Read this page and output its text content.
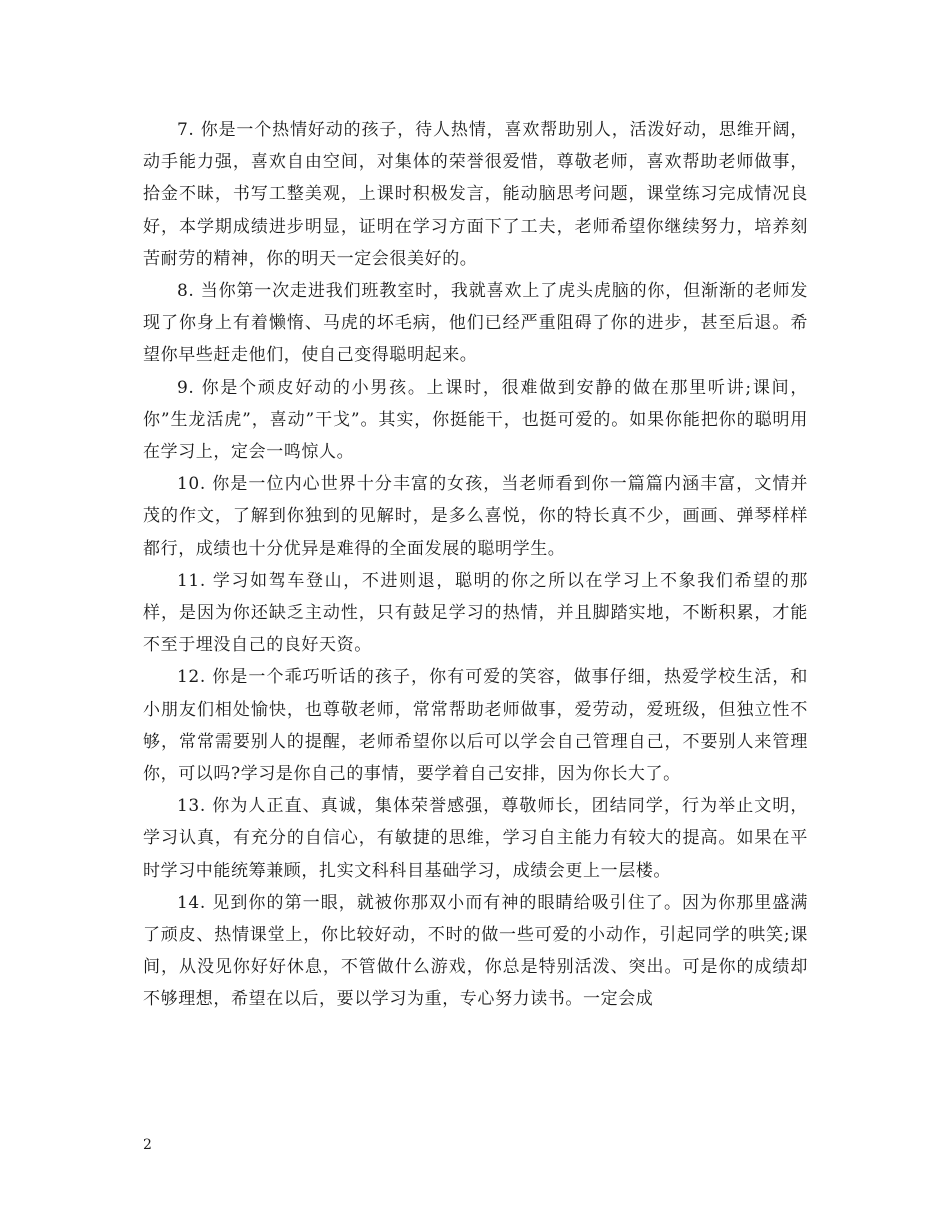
7. 你是一个热情好动的孩子，待人热情，喜欢帮助别人，活泼好动，思维开阔，动手能力强，喜欢自由空间，对集体的荣誉很爱惜，尊敬老师，喜欢帮助老师做事，拾金不昧，书写工整美观，上课时积极发言，能动脑思考问题，课堂练习完成情况良好，本学期成绩进步明显，证明在学习方面下了工夫，老师希望你继续努力，培养刻苦耐劳的精神，你的明天一定会很美好的。

8. 当你第一次走进我们班教室时，我就喜欢上了虎头虎脑的你，但渐渐的老师发现了你身上有着懒惰、马虎的坏毛病，他们已经严重阻碍了你的进步，甚至后退。希望你早些赶走他们，使自己变得聪明起来。

9. 你是个顽皮好动的小男孩。上课时，很难做到安静的做在那里听讲;课间，你”生龙活虎”，喜动”干戈”。其实，你挺能干，也挺可爱的。如果你能把你的聪明用在学习上，定会一鸣惊人。

10. 你是一位内心世界十分丰富的女孩，当老师看到你一篇篇内涵丰富，文情并茂的作文，了解到你独到的见解时，是多么喜悦，你的特长真不少，画画、弹琴样样都行，成绩也十分优异是难得的全面发展的聪明学生。

11. 学习如驾车登山，不进则退，聪明的你之所以在学习上不象我们希望的那样，是因为你还缺乏主动性，只有鼓足学习的热情，并且脚踏实地，不断积累，才能不至于埋没自己的良好天资。

12. 你是一个乖巧听话的孩子，你有可爱的笑容，做事仔细，热爱学校生活，和小朋友们相处愉快，也尊敬老师，常常帮助老师做事，爱劳动，爱班级，但独立性不够，常常需要别人的提醒，老师希望你以后可以学会自己管理自己，不要别人来管理你，可以吗?学习是你自己的事情，要学着自己安排，因为你长大了。

13. 你为人正直、真诚，集体荣誉感强，尊敬师长，团结同学，行为举止文明，学习认真，有充分的自信心，有敏捷的思维，学习自主能力有较大的提高。如果在平时学习中能统筹兼顾，扎实文科科目基础学习，成绩会更上一层楼。

14. 见到你的第一眼，就被你那双小而有神的眼睛给吸引住了。因为你那里盛满了顽皮、热情课堂上，你比较好动，不时的做一些可爱的小动作，引起同学的哄笑;课间，从没见你好好休息，不管做什么游戏，你总是特别活泼、突出。可是你的成绩却不够理想，希望在以后，要以学习为重，专心努力读书。一定会成

2
